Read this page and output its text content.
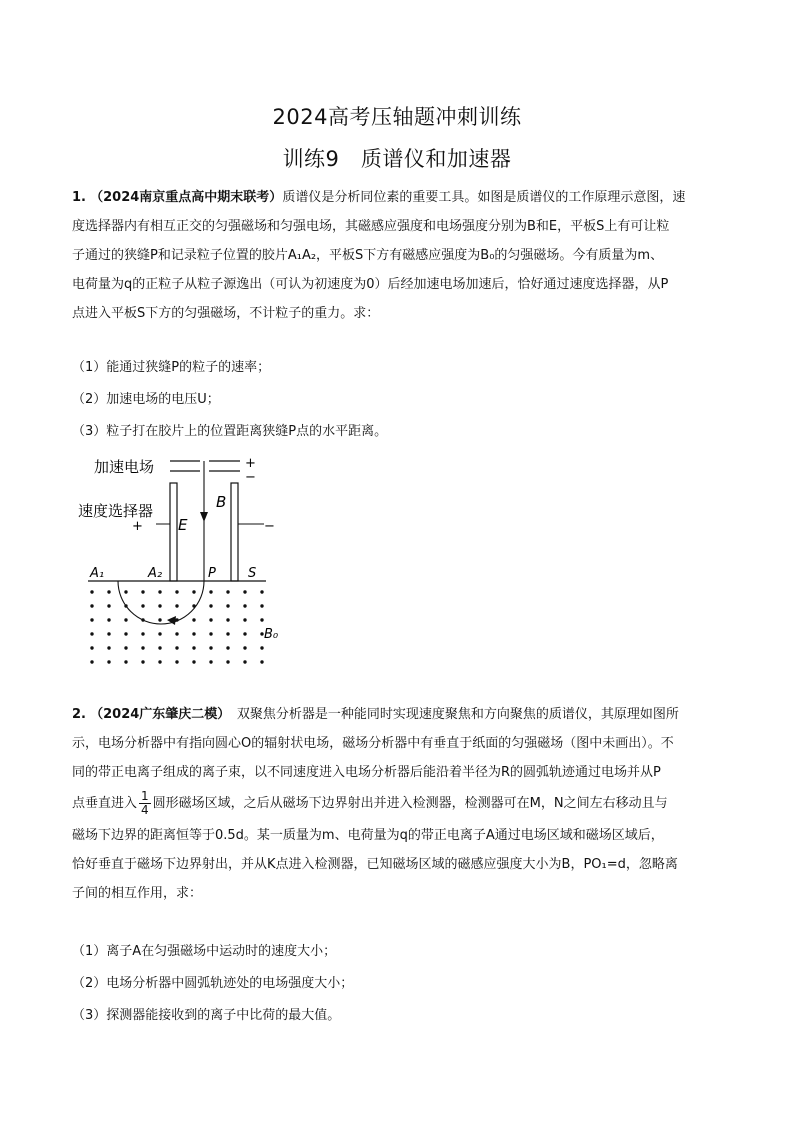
2024高考压轴题冲刺训练
训练9　质谱仪和加速器
1. （2024南京重点高中期末联考）质谱仪是分析同位素的重要工具。如图是质谱仪的工作原理示意图，速
度选择器内有相互正交的匀强磁场和匀强电场，其磁感应强度和电场强度分别为B和E，平板S上有可让粒
子通过的狭缝P和记录粒子位置的胶片A₁A₂，平板S下方有磁感应强度为B₀的匀强磁场。今有质量为m、
电荷量为q的正粒子从粒子源逸出（可认为初速度为0）后经加速电场加速后，恰好通过速度选择器，从P
点进入平板S下方的匀强磁场，不计粒子的重力。求：
（1）能通过狭缝P的粒子的速率；
（2）加速电场的电压U；
（3）粒子打在胶片上的位置距离狭缝P点的水平距离。
加速电场	+
−
速度选择器
+	−
E
B
A₁	A₂	P S
B₀
2. （2024广东肇庆二模）　 双聚焦分析器是一种能同时实现速度聚焦和方向聚焦的质谱仪，其原理如图所
示，电场分析器中有指向圆心O的辐射状电场，磁场分析器中有垂直于纸面的匀强磁场（图中未画出）。不
同的带正电离子组成的离子束，以不同速度进入电场分析器后能沿着半径为R的圆弧轨迹通过电场并从P
点垂直进入 $\frac{1}{4}$ 圆形磁场区域，之后从磁场下边界射出并进入检测器，检测器可在M，N之间左右移动且与
磁场下边界的距离恒等于0.5d。某一质量为m、电荷量为q的带正电离子A通过电场区域和磁场区域后，
恰好垂直于磁场下边界射出，并从K点进入检测器，已知磁场区域的磁感应强度大小为B，PO₁=d，忽略离
子间的相互作用，求：
（1）离子A在匀强磁场中运动时的速度大小；
（2）电场分析器中圆弧轨迹处的电场强度大小；
（3）探测器能接收到的离子中比荷的最大值。
